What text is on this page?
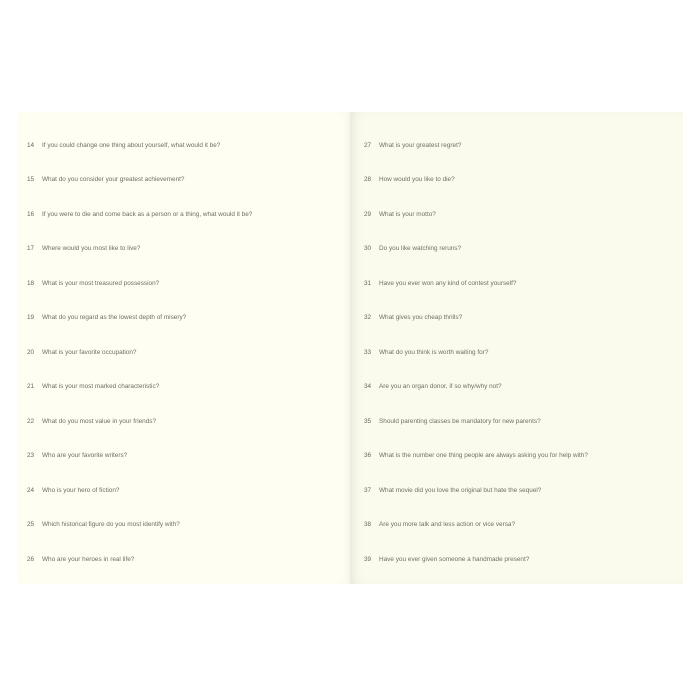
14	If you could change one thing about yourself, what would it be?
15	What do you consider your greatest achievement?
16	If you were to die and come back as a person or a thing, what would it be?
17	Where would you most like to live?
18	What is your most treasured possession?
19	What do you regard as the lowest depth of misery?
20	What is your favorite occupation?
21	What is your most marked characteristic?
22	What do you most value in your friends?
23	Who are your favorite writers?
24	Who is your hero of fiction?
25	Which historical figure do you most identify with?
26	Who are your heroes in real life?
27	What is your greatest regret?
28	How would you like to die?
29	What is your motto?
30	Do you like watching reruns?
31	Have you ever won any kind of contest yourself?
32	What gives you cheap thrills?
33	What do you think is worth waiting for?
34	Are you an organ donor, if so why/why not?
35	Should parenting classes be mandatory for new parents?
36	What is the number one thing people are always asking you for help with?
37	What movie did you love the original but hate the sequel?
38	Are you more talk and less action or vice versa?
39	Have you ever given someone a handmade present?
